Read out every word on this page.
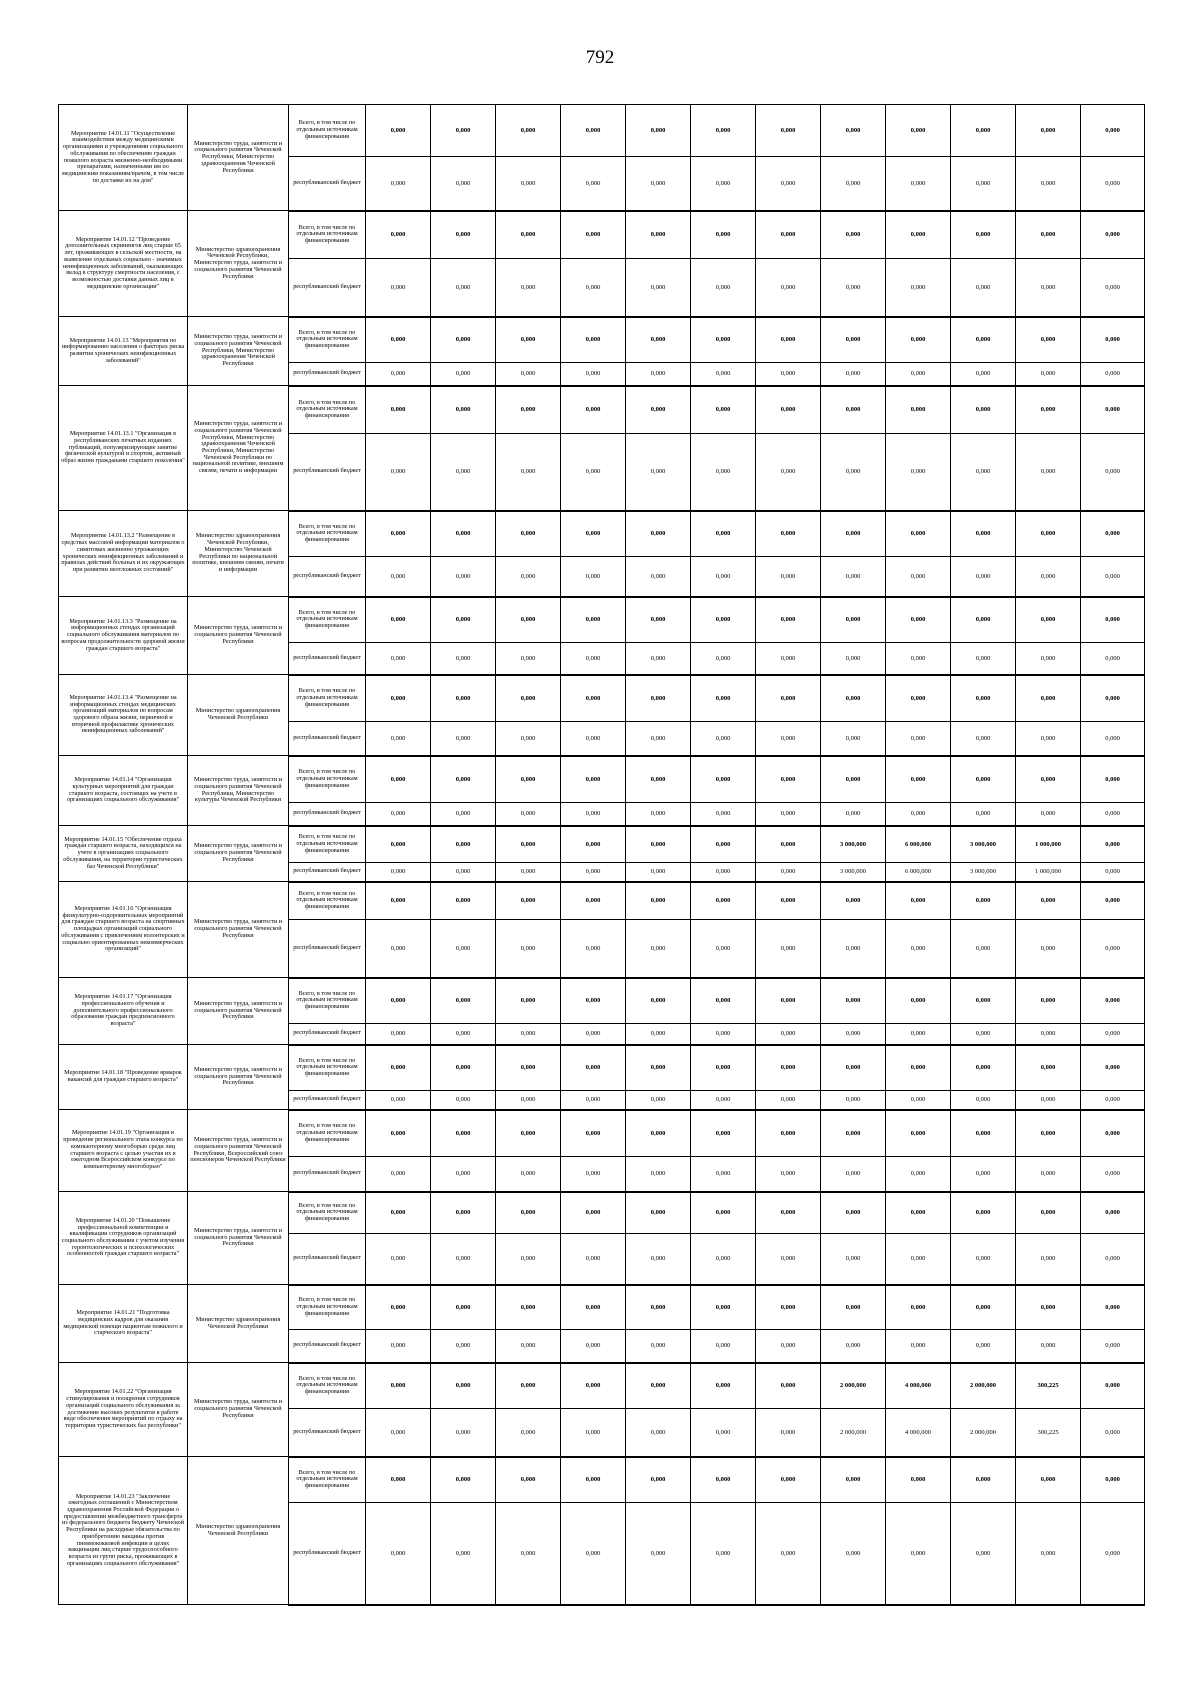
792
Мероприятие 14.01.11 "Осуществление взаимодействия между медицинскими организациями и учреждениями социального обслуживания по обеспечению граждан пожилого возраста жизненно-необходимыми препаратами, назначенными им по медицинским показаниям/врачом, в том числе по доставке их на дом"	Министерство труда, занятости и социального развития Чеченской Республики, Министерство здравоохранения Чеченской Республики	Всего, в том числе по отдельным источникам финансирования	0,000	0,000	0,000	0,000	0,000	0,000	0,000	0,000	0,000	0,000	0,000	0,000
		республиканский бюджет	0,000	0,000	0,000	0,000	0,000	0,000	0,000	0,000	0,000	0,000	0,000	0,000
Мероприятие 14.01.12 "Проведение дополнительных скринингов лиц старше 65 лет, проживающих в сельской местности, на выявление отдельных социально - значимых неинфекционных заболеваний, оказывающих вклад в структуру смертности населения, с возможностью доставки данных лиц в медицинские организации"	Министерство здравоохранения Чеченской Республики, Министерство труда, занятости и социального развития Чеченской Республики	Всего, в том числе по отдельным источникам финансирования	0,000	0,000	0,000	0,000	0,000	0,000	0,000	0,000	0,000	0,000	0,000	0,000
		республиканский бюджет	0,000	0,000	0,000	0,000	0,000	0,000	0,000	0,000	0,000	0,000	0,000	0,000
Мероприятие 14.01.13 "Мероприятия по информированию населения о факторах риска развития хронических неинфекционных заболеваний"	Министерство труда, занятости и социального развития Чеченской Республики, Министерство здравоохранения Чеченской Республики	Всего, в том числе по отдельным источникам финансирования	0,000	0,000	0,000	0,000	0,000	0,000	0,000	0,000	0,000	0,000	0,000	0,000
		республиканский бюджет	0,000	0,000	0,000	0,000	0,000	0,000	0,000	0,000	0,000	0,000	0,000	0,000
Мероприятие 14.01.13.1 "Организация в республиканских печатных изданиях публикаций, популяризирующие занятие физической культурой и спортом, активный образ жизни гражданами старшего поколения"	Министерство труда, занятости и социального развития Чеченской Республики, Министерство здравоохранения Чеченской Республики, Министерство Чеченской Республики по национальной политике, внешним связям, печати и информации	Всего, в том числе по отдельным источникам финансирования	0,000	0,000	0,000	0,000	0,000	0,000	0,000	0,000	0,000	0,000	0,000	0,000
		республиканский бюджет	0,000	0,000	0,000	0,000	0,000	0,000	0,000	0,000	0,000	0,000	0,000	0,000
Мероприятие 14.01.13.2 "Размещение в средствах массовой информации материалов о симптомах жизненно угрожающих хронических неинфекционных заболеваний и правилах действий больных и их окружающих при развитии неотложных состояний"	Министерство здравоохранения Чеченской Республики, Министерство Чеченской Республики по национальной политике, внешним связям, печати и информации	Всего, в том числе по отдельным источникам финансирования	0,000	0,000	0,000	0,000	0,000	0,000	0,000	0,000	0,000	0,000	0,000	0,000
		республиканский бюджет	0,000	0,000	0,000	0,000	0,000	0,000	0,000	0,000	0,000	0,000	0,000	0,000
Мероприятие 14.01.13.3 "Размещение на информационных стендах организаций социального обслуживания материалов по вопросам продолжительности здоровой жизни граждан старшего возраста"	Министерство труда, занятости и социального развития Чеченской Республики	Всего, в том числе по отдельным источникам финансирования	0,000	0,000	0,000	0,000	0,000	0,000	0,000	0,000	0,000	0,000	0,000	0,000
		республиканский бюджет	0,000	0,000	0,000	0,000	0,000	0,000	0,000	0,000	0,000	0,000	0,000	0,000
Мероприятие 14.01.13.4 "Размещение на информационных стендах медицинских организаций материалов по вопросам здорового образа жизни, первичной и вторичной профилактике хронических неинфекционных заболеваний"	Министерство здравоохранения Чеченской Республики	Всего, в том числе по отдельным источникам финансирования	0,000	0,000	0,000	0,000	0,000	0,000	0,000	0,000	0,000	0,000	0,000	0,000
		республиканский бюджет	0,000	0,000	0,000	0,000	0,000	0,000	0,000	0,000	0,000	0,000	0,000	0,000
Мероприятие 14.01.14 "Организация культурных мероприятий для граждан старшего возраста, состоящих на учете в организациях социального обслуживания"	Министерство труда, занятости и социального развития Чеченской Республики, Министерство культуры Чеченской Республики	Всего, в том числе по отдельным источникам финансирования	0,000	0,000	0,000	0,000	0,000	0,000	0,000	0,000	0,000	0,000	0,000	0,000
		республиканский бюджет	0,000	0,000	0,000	0,000	0,000	0,000	0,000	0,000	0,000	0,000	0,000	0,000
Мероприятие 14.01.15 "Обеспечение отдыха граждан старшего возраста, находящихся на учете в организациях социального обслуживания, на территории туристических баз Чеченской Республики"	Министерство труда, занятости и социального развития Чеченской Республики	Всего, в том числе по отдельным источникам финансирования	0,000	0,000	0,000	0,000	0,000	0,000	0,000	3 000,000	6 000,000	3 000,000	1 000,000	0,000
		республиканский бюджет	0,000	0,000	0,000	0,000	0,000	0,000	0,000	3 000,000	6 000,000	3 000,000	1 000,000	0,000
Мероприятие 14.01.16 "Организация физкультурно-оздоровительных мероприятий для граждан старшего возраста на спортивных площадках организаций социального обслуживания с привлечением волонтерских и социально ориентированных некоммерческих организаций"	Министерство труда, занятости и социального развития Чеченской Республики	Всего, в том числе по отдельным источникам финансирования	0,000	0,000	0,000	0,000	0,000	0,000	0,000	0,000	0,000	0,000	0,000	0,000
		республиканский бюджет	0,000	0,000	0,000	0,000	0,000	0,000	0,000	0,000	0,000	0,000	0,000	0,000
Мероприятие 14.01.17 "Организация профессионального обучения и дополнительного профессионального образования граждан предпенсионного возраста"	Министерство труда, занятости и социального развития Чеченской Республики	Всего, в том числе по отдельным источникам финансирования	0,000	0,000	0,000	0,000	0,000	0,000	0,000	0,000	0,000	0,000	0,000	0,000
		республиканский бюджет	0,000	0,000	0,000	0,000	0,000	0,000	0,000	0,000	0,000	0,000	0,000	0,000
Мероприятие 14.01.18 "Проведение ярмарок вакансий для граждан старшего возраста"	Министерство труда, занятости и социального развития Чеченской Республики	Всего, в том числе по отдельным источникам финансирования	0,000	0,000	0,000	0,000	0,000	0,000	0,000	0,000	0,000	0,000	0,000	0,000
		республиканский бюджет	0,000	0,000	0,000	0,000	0,000	0,000	0,000	0,000	0,000	0,000	0,000	0,000
Мероприятие 14.01.19 "Организация и проведение регионального этапа конкурса по компьютерному многоборью среди лиц старшего возраста с целью участия их в ежегодном Всероссийском конкурсе по компьютерному многоборью"	Министерство труда, занятости и социального развития Чеченской Республики, Всероссийский союз пенсионеров Чеченской Республики	Всего, в том числе по отдельным источникам финансирования	0,000	0,000	0,000	0,000	0,000	0,000	0,000	0,000	0,000	0,000	0,000	0,000
		республиканский бюджет	0,000	0,000	0,000	0,000	0,000	0,000	0,000	0,000	0,000	0,000	0,000	0,000
Мероприятие 14.01.20 "Повышение профессиональной компетенции и квалификации сотрудников организаций социального обслуживания с учетом изучения геронтологических и психологических особенностей граждан старшего возраста"	Министерство труда, занятости и социального развития Чеченской Республики	Всего, в том числе по отдельным источникам финансирования	0,000	0,000	0,000	0,000	0,000	0,000	0,000	0,000	0,000	0,000	0,000	0,000
		республиканский бюджет	0,000	0,000	0,000	0,000	0,000	0,000	0,000	0,000	0,000	0,000	0,000	0,000
Мероприятие 14.01.21 "Подготовка медицинских кадров для оказания медицинской помощи пациентам пожилого и старческого возраста"	Министерство здравоохранения Чеченской Республики	Всего, в том числе по отдельным источникам финансирования	0,000	0,000	0,000	0,000	0,000	0,000	0,000	0,000	0,000	0,000	0,000	0,000
		республиканский бюджет	0,000	0,000	0,000	0,000	0,000	0,000	0,000	0,000	0,000	0,000	0,000	0,000
Мероприятие 14.01.22 "Организация стимулирования и поощрения сотрудников организаций социального обслуживания за достижение высоких результатов в работе виде обеспечения мероприятий по отдыху на территории туристических баз республики"	Министерство труда, занятости и социального развития Чеченской Республики	Всего, в том числе по отдельным источникам финансирования	0,000	0,000	0,000	0,000	0,000	0,000	0,000	2 000,000	4 000,000	2 000,000	300,225	0,000
		республиканский бюджет	0,000	0,000	0,000	0,000	0,000	0,000	0,000	2 000,000	4 000,000	2 000,000	300,225	0,000
Мероприятие 14.01.23 "Заключение ежегодных соглашений с Министерством здравоохранения Российской Федерации о предоставлении межбюджетного трансферта из федерального бюджета бюджету Чеченской Республики на расходные обязательства по приобретению вакцины против пневмококковой инфекции и целях вакцинации лиц старше трудоспособного возраста из групп риска, проживающих в организациях социального обслуживания"	Министерство здравоохранения Чеченской Республики	Всего, в том числе по отдельным источникам финансирования	0,000	0,000	0,000	0,000	0,000	0,000	0,000	0,000	0,000	0,000	0,000	0,000
		республиканский бюджет	0,000	0,000	0,000	0,000	0,000	0,000	0,000	0,000	0,000	0,000	0,000	0,000
